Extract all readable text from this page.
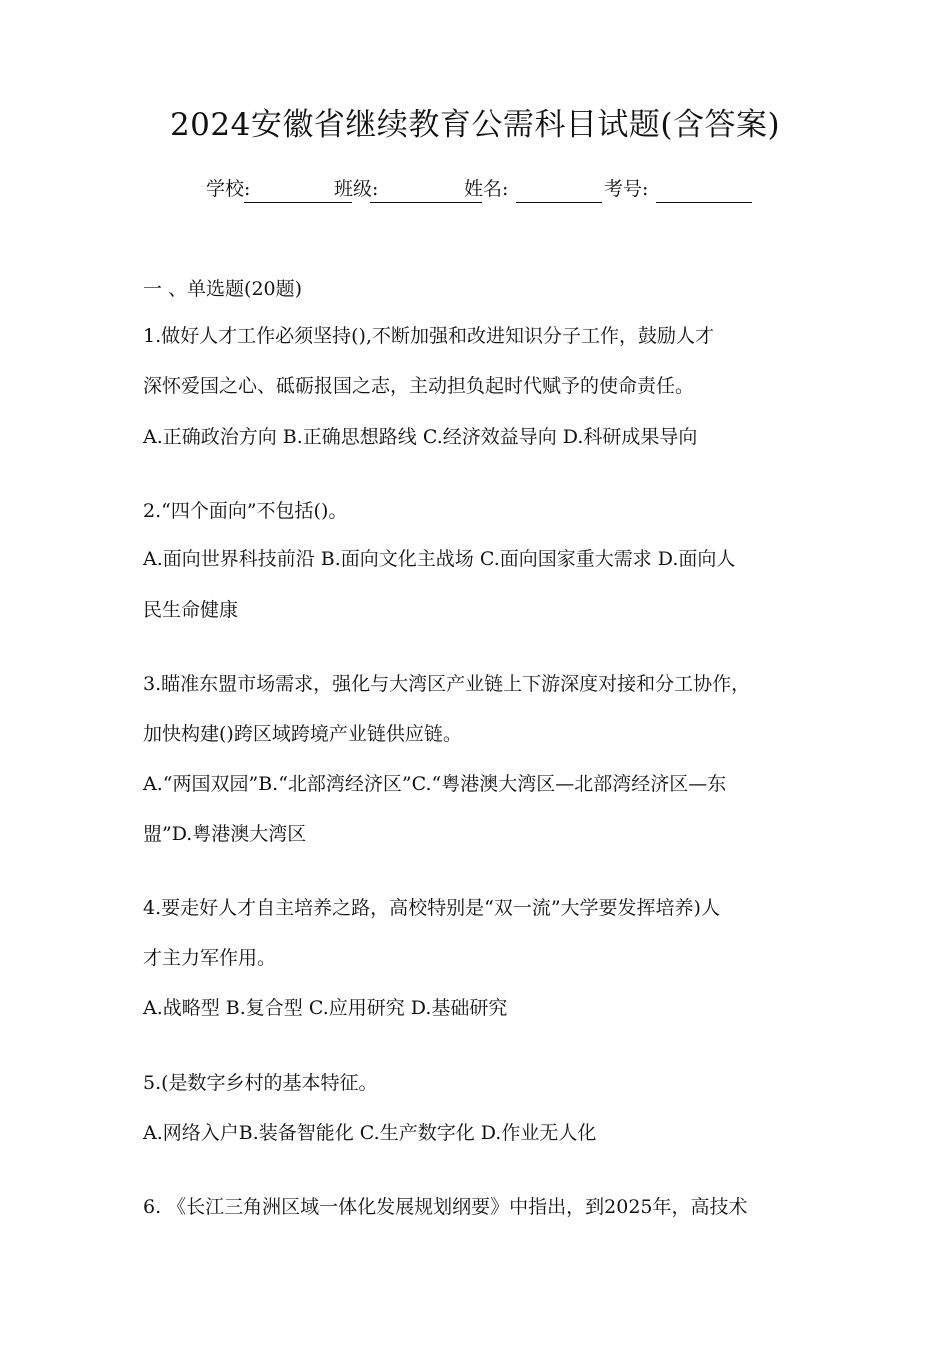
2024安徽省继续教育公需科目试题(含答案)
学校:	班级:	姓名:	考号:
一 、单选题(20题)
1.做好人才工作必须坚持(),不断加强和改进知识分子工作，鼓励人才
深怀爱国之心、砥砺报国之志，主动担负起时代赋予的使命责任。
A.正确政治方向 B.正确思想路线 C.经济效益导向 D.科研成果导向
2.“四个面向”不包括()。
A.面向世界科技前沿 B.面向文化主战场 C.面向国家重大需求 D.面向人
民生命健康
3.瞄准东盟市场需求，强化与大湾区产业链上下游深度对接和分工协作，
加快构建()跨区域跨境产业链供应链。
A.“两国双园”B.“北部湾经济区”C.“粤港澳大湾区—北部湾经济区—东
盟”D.粤港澳大湾区
4.要走好人才自主培养之路，高校特别是“双一流”大学要发挥培养)人
才主力军作用。
A.战略型 B.复合型 C.应用研究 D.基础研究
5.(是数字乡村的基本特征。
A.网络入户B.装备智能化 C.生产数字化 D.作业无人化
6. 《长江三角洲区域一体化发展规划纲要》中指出，到2025年，高技术
